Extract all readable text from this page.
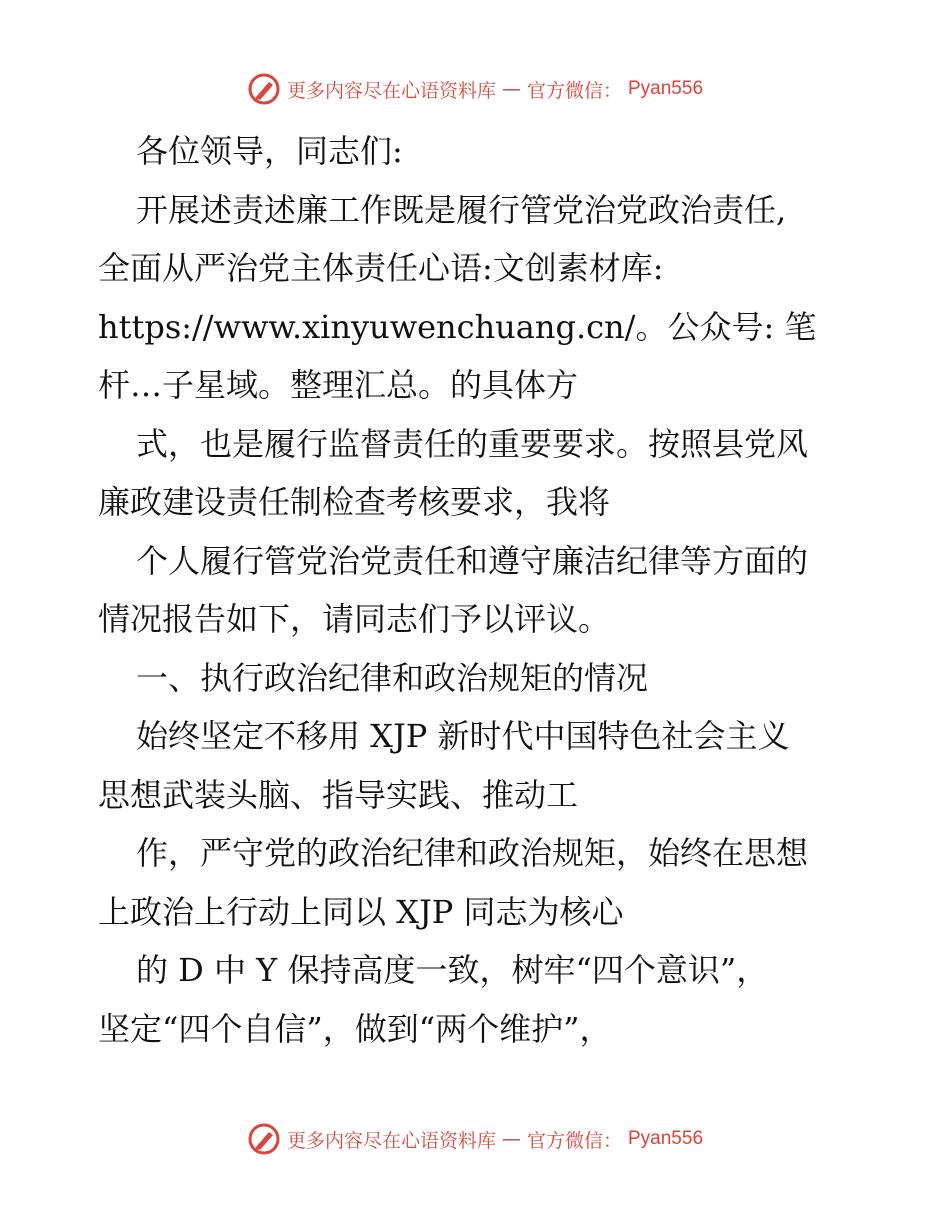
更多内容尽在心语资料库 — 官方微信： Pyan556
各位领导，同志们:
开展述责述廉工作既是履行管党治党政治责任,
全面从严治党主体责任心语:文创素材库:
https://www.xinyuwenchuang.cn/。公众号: 笔
杆…子星域。整理汇总。的具体方
式，也是履行监督责任的重要要求。按照县党风
廉政建设责任制检查考核要求，我将
个人履行管党治党责任和遵守廉洁纪律等方面的
情况报告如下，请同志们予以评议。
一、执行政治纪律和政治规矩的情况
始终坚定不移用 XJP 新时代中国特色社会主义
思想武装头脑、指导实践、推动工
作，严守党的政治纪律和政治规矩，始终在思想
上政治上行动上同以 XJP 同志为核心
的 D 中 Y 保持高度一致，树牢“四个意识”，
坚定“四个自信”，做到“两个维护”，
更多内容尽在心语资料库 — 官方微信： Pyan556
